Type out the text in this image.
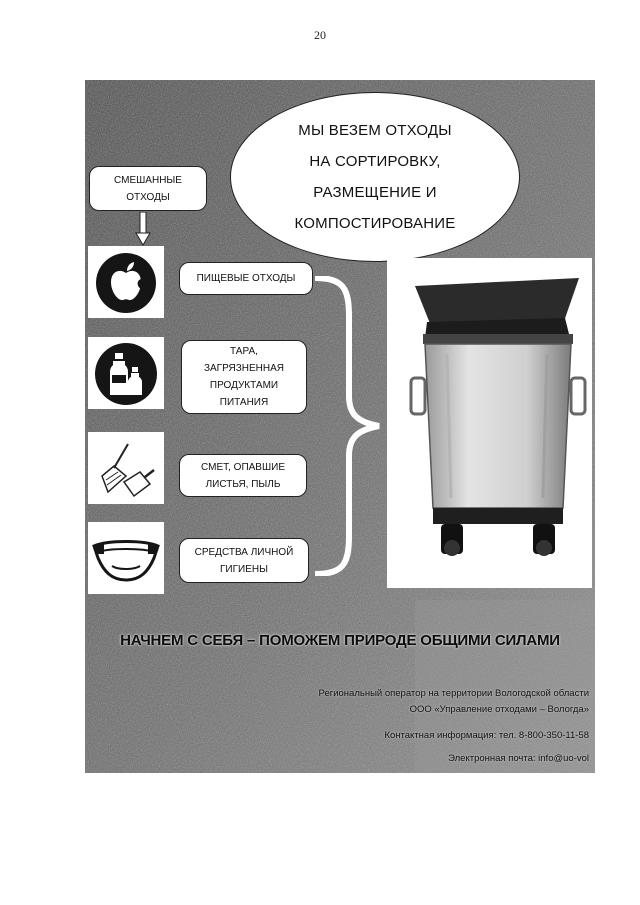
20
МЫ ВЕЗЕМ ОТХОДЫ
НА СОРТИРОВКУ,
РАЗМЕЩЕНИЕ И
КОМПОСТИРОВАНИЕ
СМЕШАННЫЕ
ОТХОДЫ
ПИЩЕВЫЕ ОТХОДЫ
ТАРА,
ЗАГРЯЗНЕННАЯ
ПРОДУКТАМИ
ПИТАНИЯ
СМЕТ, ОПАВШИЕ
ЛИСТЬЯ, ПЫЛЬ
СРЕДСТВА ЛИЧНОЙ
ГИГИЕНЫ
НАЧНЕМ С СЕБЯ – ПОМОЖЕМ ПРИРОДЕ ОБЩИМИ СИЛАМИ
Региональный оператор на территории Вологодской области
ООО «Управление отходами – Вологда»
Контактная информация: тел. 8-800-350-11-58
Электронная почта: info@uo-vol
